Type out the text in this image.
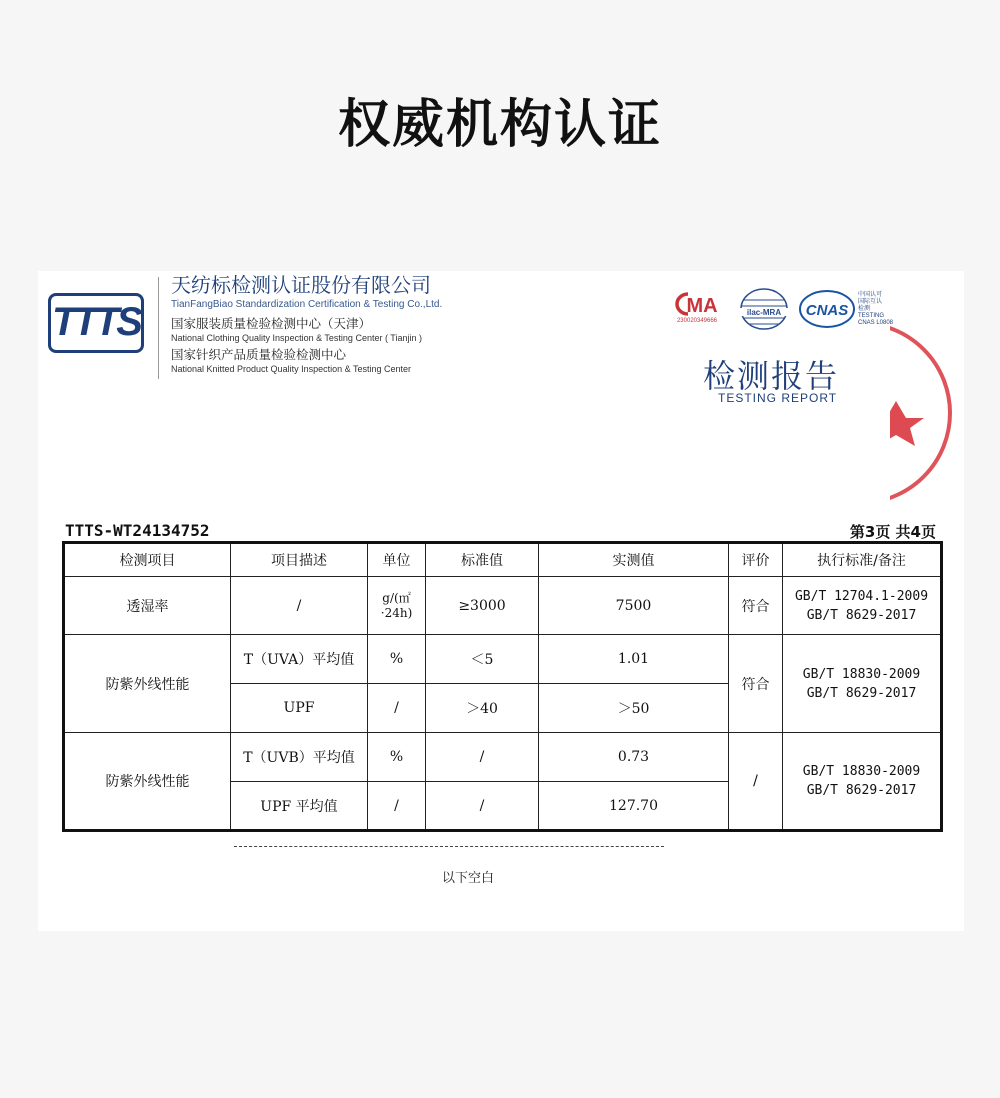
权威机构认证
TTTS
天纺标检测认证股份有限公司
TianFangBiao Standardization Certification & Testing Co.,Ltd.
国家服装质量检验检测中心（天津）
National Clothing Quality Inspection & Testing Center ( Tianjin )
国家针织产品质量检验检测中心
National Knitted Product Quality Inspection & Testing Center
MA
230020349666
ilac-MRA CNAS
中国认可
国际互认
检测
TESTING
CNAS L0808
检测报告
TESTING REPORT
TTTS-WT24134752	第3页 共4页
检测项目	项目描述	单位	标准值	实测值	评价	执行标准/备注
透湿率	/	g/(㎡·24h)	≥3000	7500	符合	GB/T 12704.1-2009
GB/T 8629-2017

防紫外线性能	T（UVA）平均值	%	＜5	1.01	符合	GB/T 18830-2009
GB/T 8629-2017

	UPF	/	＞40	＞50		
防紫外线性能	T（UVB）平均值	%	/	0.73	/	GB/T 18830-2009
GB/T 8629-2017

	UPF 平均值	/	/	127.70		
以下空白
